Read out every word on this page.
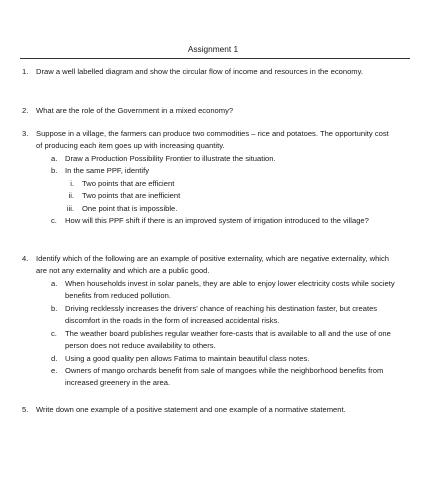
Assignment 1
1. Draw a well labelled diagram and show the circular flow of income and resources in the economy.
2. What are the role of the Government in a mixed economy?
3. Suppose in a village, the farmers can produce two commodities – rice and potatoes. The opportunity cost of producing each item goes up with increasing quantity.
a. Draw a Production Possibility Frontier to illustrate the situation.
b. In the same PPF, identify
i. Two points that are efficient
ii. Two points that are inefficient
iii. One point that is impossible.
c. How will this PPF shift if there is an improved system of irrigation introduced to the village?
4. Identify which of the following are an example of positive externality, which are negative externality, which are not any externality and which are a public good.
a. When households invest in solar panels, they are able to enjoy lower electricity costs while society benefits from reduced pollution.
b. Driving recklessly increases the drivers' chance of reaching his destination faster, but creates discomfort in the roads in the form of increased accidental risks.
c. The weather board publishes regular weather fore-casts that is available to all and the use of one person does not reduce availability to others.
d. Using a good quality pen allows Fatima to maintain beautiful class notes.
e. Owners of mango orchards benefit from sale of mangoes while the neighborhood benefits from increased greenery in the area.
5. Write down one example of a positive statement and one example of a normative statement.
